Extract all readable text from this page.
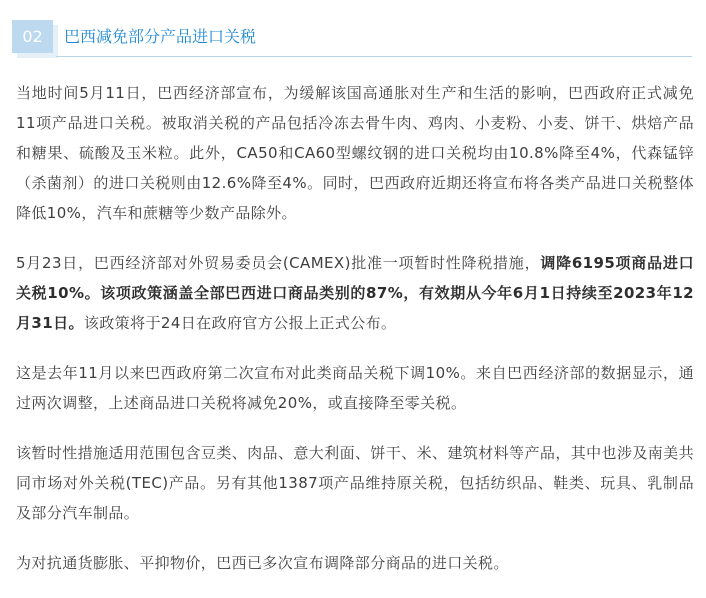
02	巴西减免部分产品进口关税

当地时间5月11日，巴西经济部宣布，为缓解该国高通胀对生产和生活的影响，巴西政府正式减免11项产品进口关税。被取消关税的产品包括冷冻去骨牛肉、鸡肉、小麦粉、小麦、饼干、烘焙产品和糖果、硫酸及玉米粒。此外，CA50和CA60型螺纹钢的进口关税均由10.8%降至4%，代森锰锌（杀菌剂）的进口关税则由12.6%降至4%。同时，巴西政府近期还将宣布将各类产品进口关税整体降低10%，汽车和蔗糖等少数产品除外。

5月23日，巴西经济部对外贸易委员会(CAMEX)批准一项暂时性降税措施，调降6195项商品进口关税10%。该项政策涵盖全部巴西进口商品类别的87%，有效期从今年6月1日持续至2023年12月31日。该政策将于24日在政府官方公报上正式公布。

这是去年11月以来巴西政府第二次宣布对此类商品关税下调10%。来自巴西经济部的数据显示，通过两次调整，上述商品进口关税将减免20%，或直接降至零关税。

该暂时性措施适用范围包含豆类、肉品、意大利面、饼干、米、建筑材料等产品，其中也涉及南美共同市场对外关税(TEC)产品。另有其他1387项产品维持原关税，包括纺织品、鞋类、玩具、乳制品及部分汽车制品。

为对抗通货膨胀、平抑物价，巴西已多次宣布调降部分商品的进口关税。
